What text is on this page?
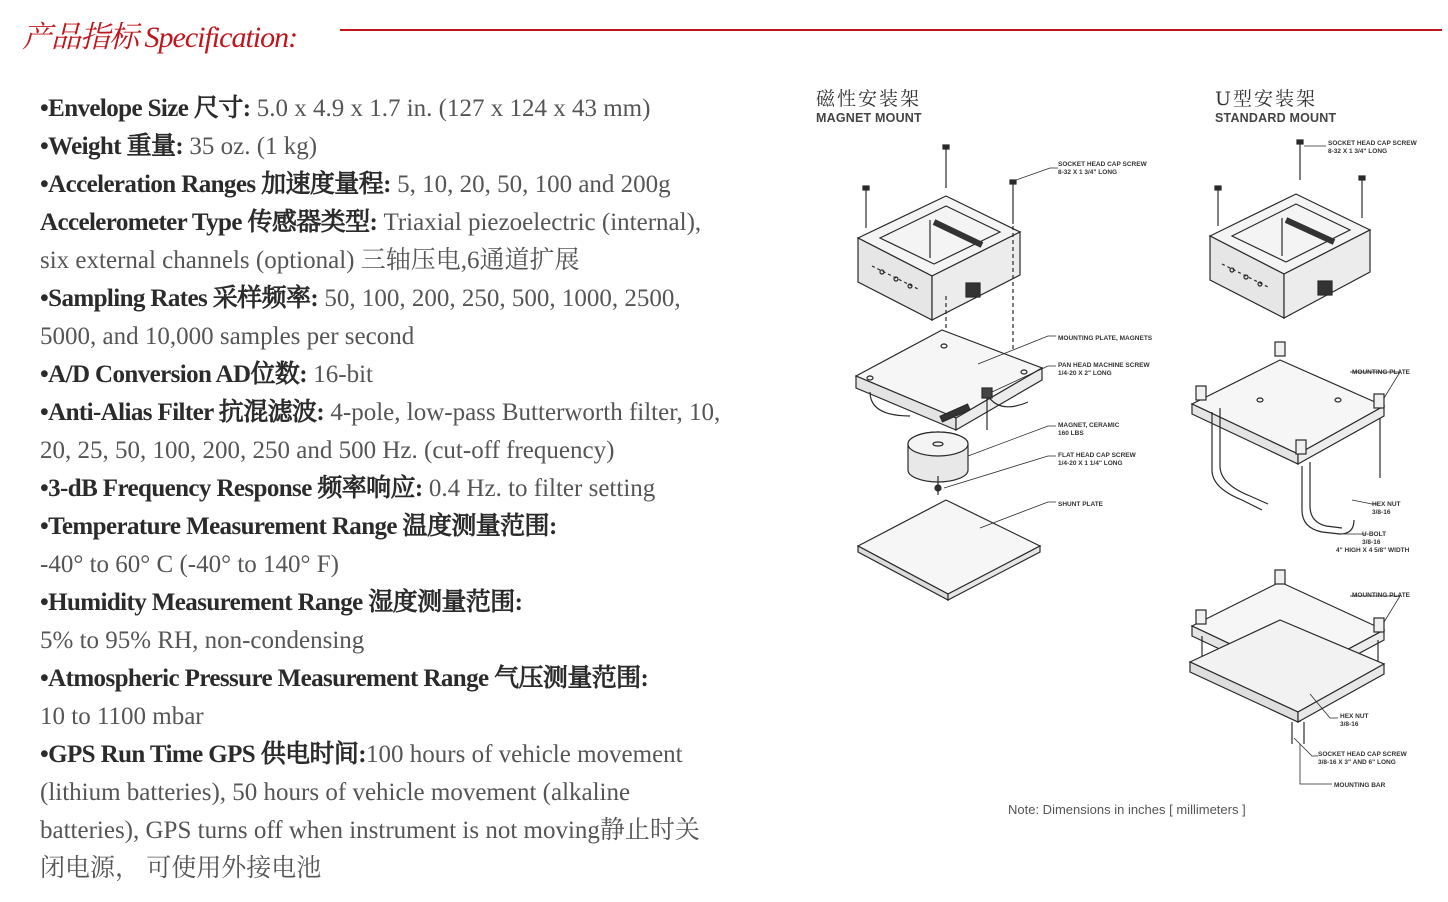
产品指标 Specification:
•Envelope Size 尺寸: 5.0 x 4.9 x 1.7 in. (127 x 124 x 43 mm)
•Weight 重量: 35 oz. (1 kg)
•Acceleration Ranges 加速度量程: 5, 10, 20, 50, 100 and 200g
Accelerometer Type 传感器类型: Triaxial piezoelectric (internal),
six external channels (optional) 三轴压电,6通道扩展
•Sampling Rates 采样频率: 50, 100, 200, 250, 500, 1000, 2500,
5000, and 10,000 samples per second
•A/D Conversion AD位数: 16-bit
•Anti-Alias Filter 抗混滤波: 4-pole, low-pass Butterworth filter, 10,
20, 25, 50, 100, 200, 250 and 500 Hz. (cut-off frequency)
•3-dB Frequency Response 频率响应: 0.4 Hz. to filter setting
•Temperature Measurement Range 温度测量范围:
-40° to 60° C (-40° to 140° F)
•Humidity Measurement Range 湿度测量范围:
5% to 95% RH, non-condensing
•Atmospheric Pressure Measurement Range 气压测量范围:
10 to 1100 mbar
•GPS Run Time GPS 供电时间:100 hours of vehicle movement
(lithium batteries), 50 hours of vehicle movement (alkaline
batteries), GPS turns off when instrument is not moving静止时关
闭电源， 可使用外接电池
磁性安装架
MAGNET MOUNT
U型安装架
STANDARD MOUNT
SOCKET HEAD CAP SCREW
8-32 X 1 3/4" LONG
MOUNTING PLATE, MAGNETS
PAN HEAD MACHINE SCREW
1/4-20 X 2" LONG
MAGNET, CERAMIC
160 LBS
FLAT HEAD CAP SCREW
1/4-20 X 1 1/4" LONG
SHUNT PLATE
SOCKET HEAD CAP SCREW
8-32 X 1 3/4" LONG
MOUNTING PLATE
HEX NUT
3/8-16
U-BOLT
3/8-16
4" HIGH X 4 5/8" WIDTH
MOUNTING PLATE
HEX NUT
3/8-16
SOCKET HEAD CAP SCREW
3/8-16 X 3" AND 6" LONG
MOUNTING BAR
Note: Dimensions in inches [ millimeters ]
